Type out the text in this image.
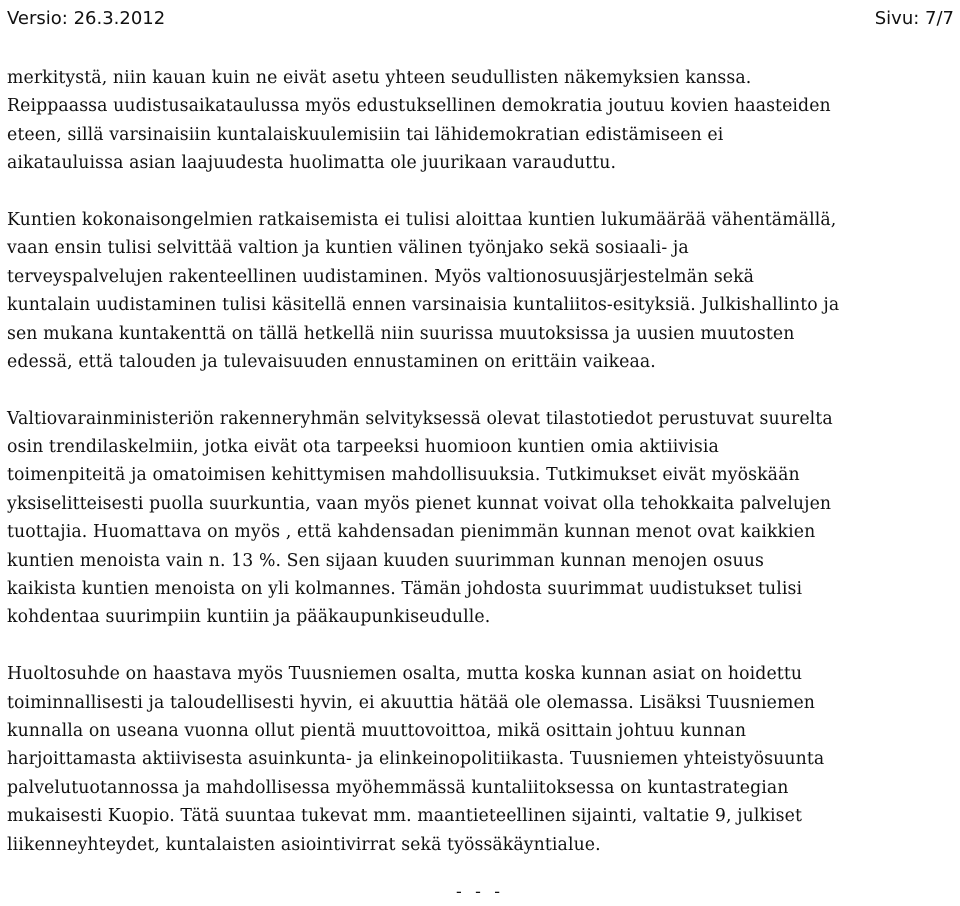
Versio: 26.3.2012	Sivu: 7/7
merkitystä, niin kauan kuin ne eivät asetu yhteen seudullisten näkemyksien kanssa.
Reippaassa uudistusaikataulussa myös edustuksellinen demokratia joutuu kovien haasteiden
eteen, sillä varsinaisiin kuntalaiskuulemisiin tai lähidemokratian edistämiseen ei
aikatauluissa asian laajuudesta huolimatta ole juurikaan varauduttu.
Kuntien kokonaisongelmien ratkaisemista ei tulisi aloittaa kuntien lukumäärää vähentämällä,
vaan ensin tulisi selvittää valtion ja kuntien välinen työnjako sekä sosiaali- ja
terveyspalvelujen rakenteellinen uudistaminen. Myös valtionosuusjärjestelmän sekä
kuntalain uudistaminen tulisi käsitellä ennen varsinaisia kuntaliitos-esityksiä. Julkishallinto ja
sen mukana kuntakenttä on tällä hetkellä niin suurissa muutoksissa ja uusien muutosten
edessä, että talouden ja tulevaisuuden ennustaminen on erittäin vaikeaa.
Valtiovarainministeriön rakenneryhmän selvityksessä olevat tilastotiedot perustuvat suurelta
osin trendilaskelmiin, jotka eivät ota tarpeeksi huomioon kuntien omia aktiivisia
toimenpiteitä ja omatoimisen kehittymisen mahdollisuuksia. Tutkimukset eivät myöskään
yksiselitteisesti puolla suurkuntia, vaan myös pienet kunnat voivat olla tehokkaita palvelujen
tuottajia. Huomattava on myös , että kahdensadan pienimmän kunnan menot ovat kaikkien
kuntien menoista vain n. 13 %. Sen sijaan kuuden suurimman kunnan menojen osuus
kaikista kuntien menoista on yli kolmannes. Tämän johdosta suurimmat uudistukset tulisi
kohdentaa suurimpiin kuntiin ja pääkaupunkiseudulle.
Huoltosuhde on haastava myös Tuusniemen osalta, mutta koska kunnan asiat on hoidettu
toiminnallisesti ja taloudellisesti hyvin, ei akuuttia hätää ole olemassa. Lisäksi Tuusniemen
kunnalla on useana vuonna ollut pientä muuttovoittoa, mikä osittain johtuu kunnan
harjoittamasta aktiivisesta asuinkunta- ja elinkeinopolitiikasta. Tuusniemen yhteistyösuunta
palvelutuotannossa ja mahdollisessa myöhemmässä kuntaliitoksessa on kuntastrategian
mukaisesti Kuopio. Tätä suuntaa tukevat mm. maantieteellinen sijainti, valtatie 9, julkiset
liikenneyhteydet, kuntalaisten asiointivirrat sekä työssäkäyntialue.
- - -
